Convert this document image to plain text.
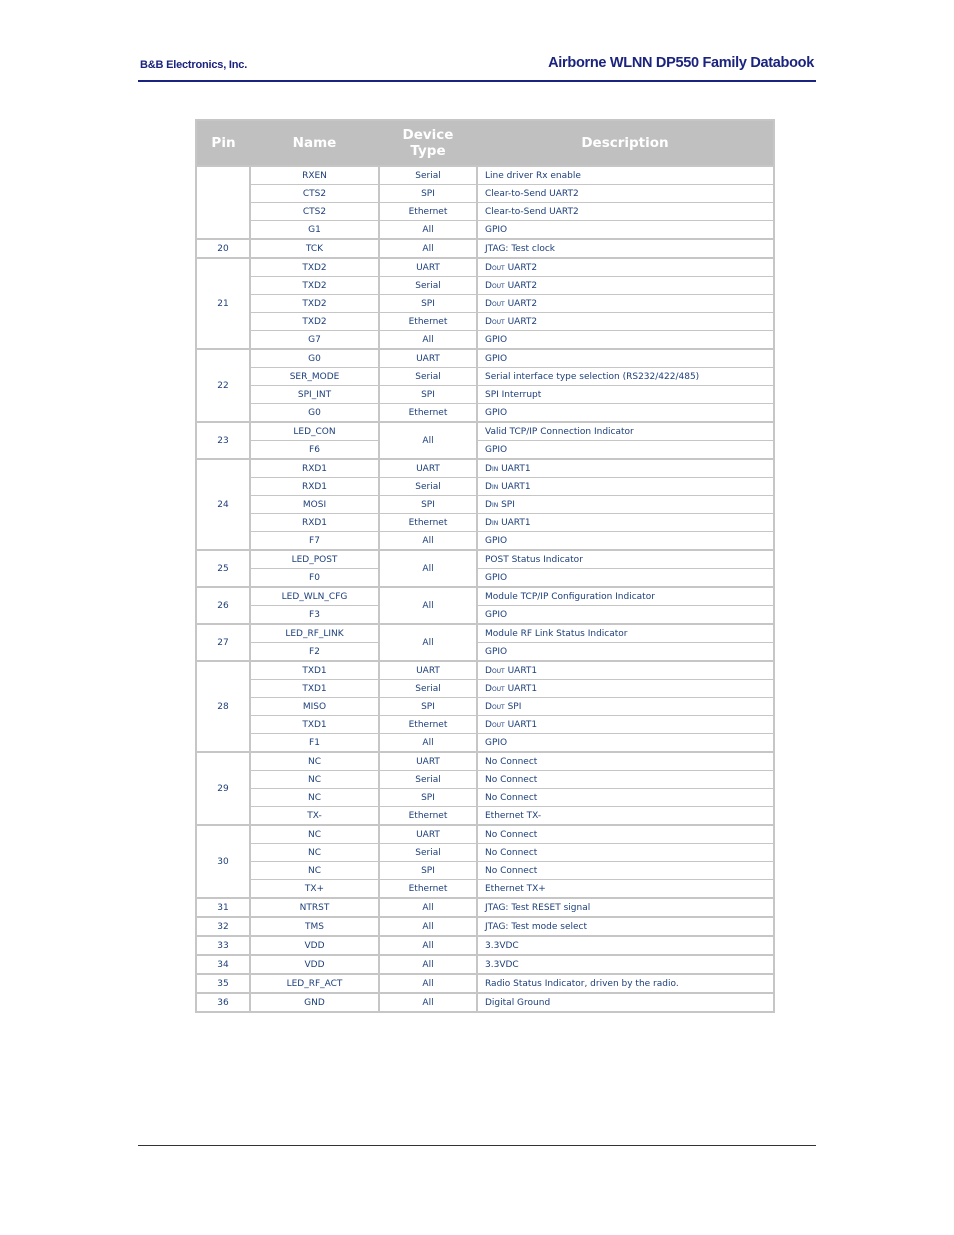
B&B Electronics, Inc.	Airborne WLNN DP550 Family Databook
Pin	Name	Device Type	Description
	RXEN	Serial	Line driver Rx enable
	CTS2	SPI	Clear-to-Send UART2
	CTS2	Ethernet	Clear-to-Send UART2
	G1	All	GPIO
20	TCK	All	JTAG: Test clock
21	TXD2	UART	DOUT UART2
	TXD2	Serial	DOUT UART2
	TXD2	SPI	DOUT UART2
	TXD2	Ethernet	DOUT UART2
	G7	All	GPIO
22	G0	UART	GPIO
	SER_MODE	Serial	Serial interface type selection (RS232/422/485)
	SPI_INT	SPI	SPI Interrupt
	G0	Ethernet	GPIO
23	LED_CON	All	Valid TCP/IP Connection Indicator
	F6		GPIO
24	RXD1	UART	DIN UART1
	RXD1	Serial	DIN UART1
	MOSI	SPI	DIN SPI
	RXD1	Ethernet	DIN UART1
	F7	All	GPIO
25	LED_POST	All	POST Status Indicator
	F0		GPIO
26	LED_WLN_CFG	All	Module TCP/IP Configuration Indicator
	F3		GPIO
27	LED_RF_LINK	All	Module RF Link Status Indicator
	F2		GPIO
28	TXD1	UART	DOUT UART1
	TXD1	Serial	DOUT UART1
	MISO	SPI	DOUT SPI
	TXD1	Ethernet	DOUT UART1
	F1	All	GPIO
29	NC	UART	No Connect
	NC	Serial	No Connect
	NC	SPI	No Connect
	TX-	Ethernet	Ethernet TX-
30	NC	UART	No Connect
	NC	Serial	No Connect
	NC	SPI	No Connect
	TX+	Ethernet	Ethernet TX+
31	NTRST	All	JTAG: Test RESET signal
32	TMS	All	JTAG: Test mode select
33	VDD	All	3.3VDC
34	VDD	All	3.3VDC
35	LED_RF_ACT	All	Radio Status Indicator, driven by the radio.
36	GND	All	Digital Ground
